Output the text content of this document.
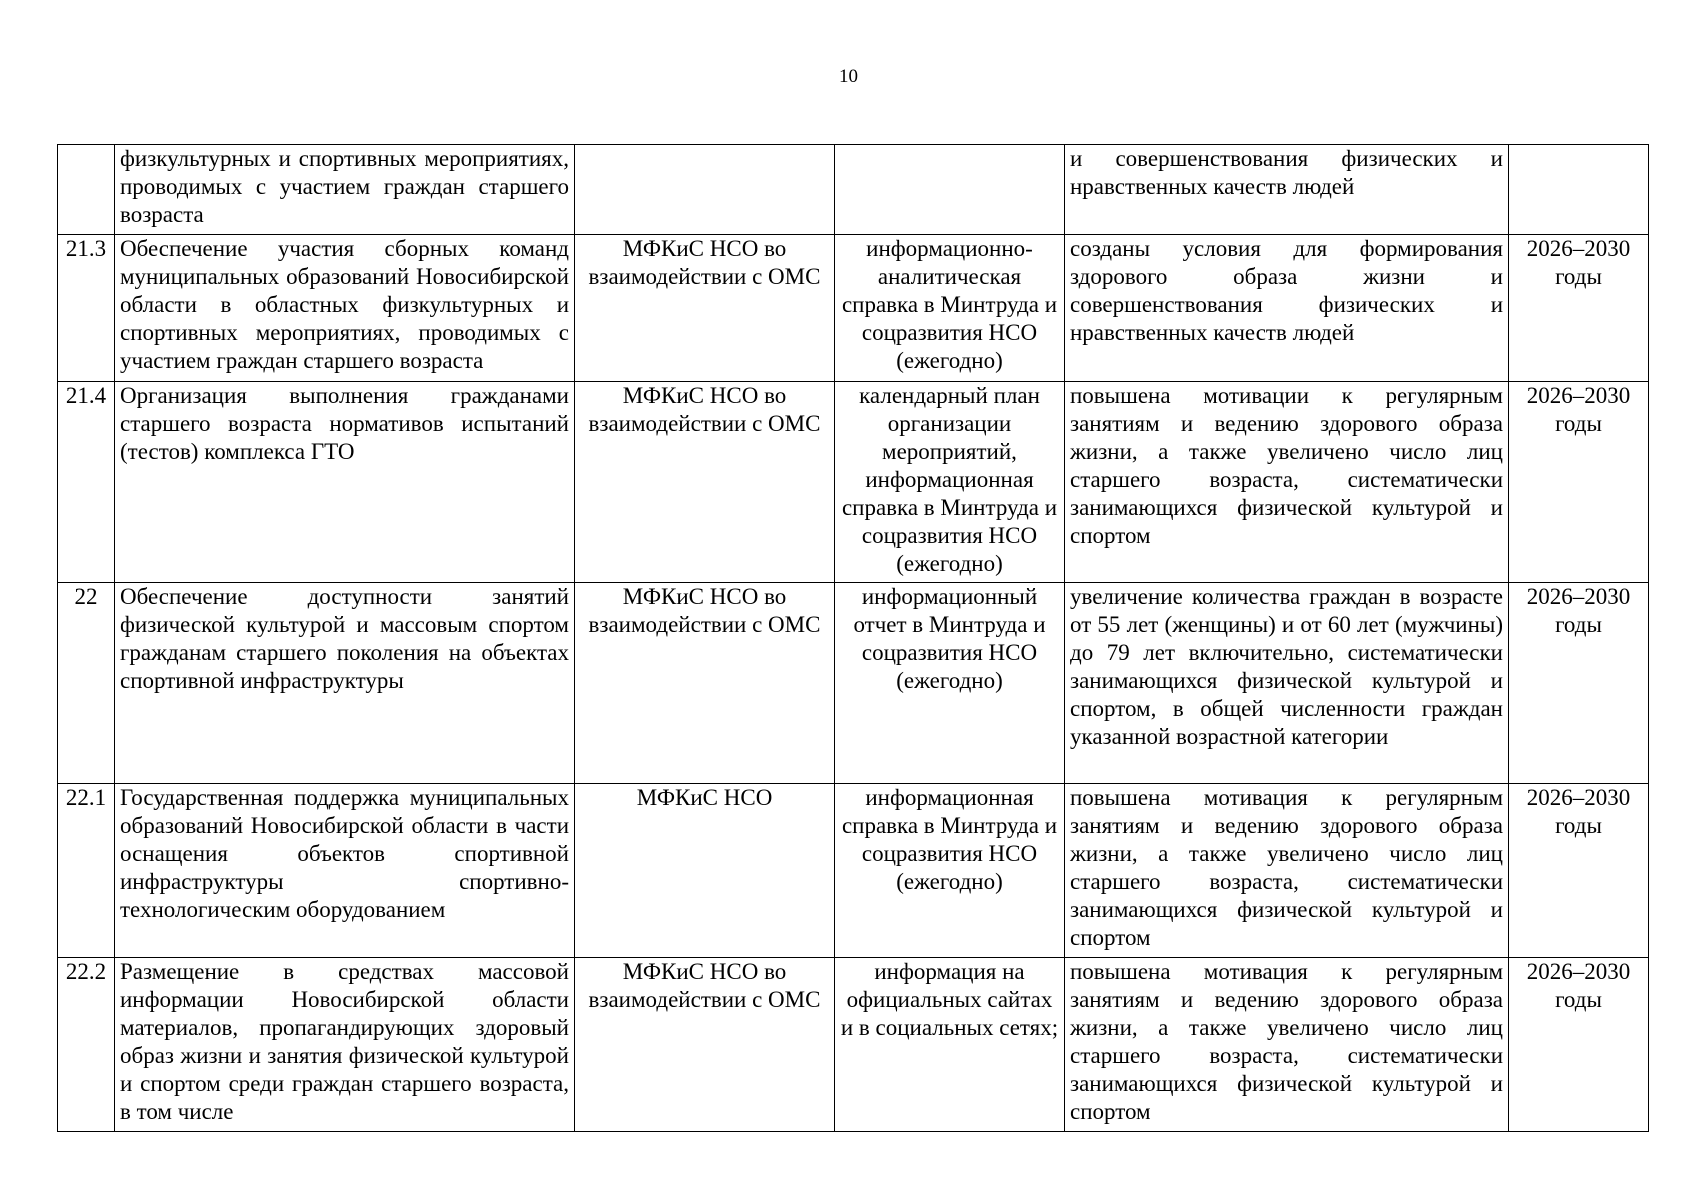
10
	физкультурных и спортивных мероприятиях, проводимых с участием граждан старшего возраста			и совершенствования физических и нравственных качеств людей	
21.3	Обеспечение участия сборных команд муниципальных образований Новосибирской области в областных физкультурных и спортивных мероприятиях, проводимых с участием граждан старшего возраста	МФКиС НСО во взаимодействии с ОМС	информационно-аналитическая справка в Минтруда и соцразвития НСО (ежегодно)	созданы условия для формирования здорового образа жизни и совершенствования физических и нравственных качеств людей	2026–2030 годы
21.4	Организация выполнения гражданами старшего возраста нормативов испытаний (тестов) комплекса ГТО	МФКиС НСО во взаимодействии с ОМС	календарный план организации мероприятий, информационная справка в Минтруда и соцразвития НСО (ежегодно)	повышена мотивации к регулярным занятиям и ведению здорового образа жизни, а также увеличено число лиц старшего возраста, систематически занимающихся физической культурой и спортом	2026–2030 годы
22	Обеспечение доступности занятий физической культурой и массовым спортом гражданам старшего поколения на объектах спортивной инфраструктуры	МФКиС НСО во взаимодействии с ОМС	информационный отчет в Минтруда и соцразвития НСО (ежегодно)	увеличение количества граждан в возрасте от 55 лет (женщины) и от 60 лет (мужчины) до 79 лет включительно, систематически занимающихся физической культурой и спортом, в общей численности граждан указанной возрастной категории	2026–2030 годы
22.1	Государственная поддержка муниципальных образований Новосибирской области в части оснащения объектов спортивной инфраструктуры спортивно-технологическим оборудованием	МФКиС НСО	информационная справка в Минтруда и соцразвития НСО (ежегодно)	повышена мотивация к регулярным занятиям и ведению здорового образа жизни, а также увеличено число лиц старшего возраста, систематически занимающихся физической культурой и спортом	2026–2030 годы
22.2	Размещение в средствах массовой информации Новосибирской области материалов, пропагандирующих здоровый образ жизни и занятия физической культурой и спортом среди граждан старшего возраста, в том числе	МФКиС НСО во взаимодействии с ОМС	информация на официальных сайтах и в социальных сетях;	повышена мотивация к регулярным занятиям и ведению здорового образа жизни, а также увеличено число лиц старшего возраста, систематически занимающихся физической культурой и спортом	2026–2030 годы
